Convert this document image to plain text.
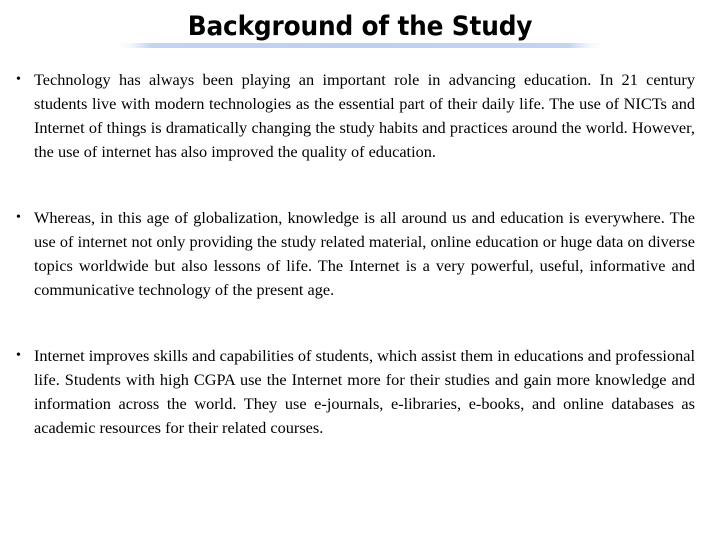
Background of the Study
• Technology has always been playing an important role in advancing education. In 21 century students live with modern technologies as the essential part of their daily life. The use of NICTs and Internet of things is dramatically changing the study habits and practices around the world. However, the use of internet has also improved the quality of education.
• Whereas, in this age of globalization, knowledge is all around us and education is everywhere. The use of internet not only providing the study related material, online education or huge data on diverse topics worldwide but also lessons of life. The Internet is a very powerful, useful, informative and communicative technology of the present age.
• Internet improves skills and capabilities of students, which assist them in educations and professional life. Students with high CGPA use the Internet more for their studies and gain more knowledge and information across the world. They use e-journals, e-libraries, e-books, and online databases as academic resources for their related courses.
